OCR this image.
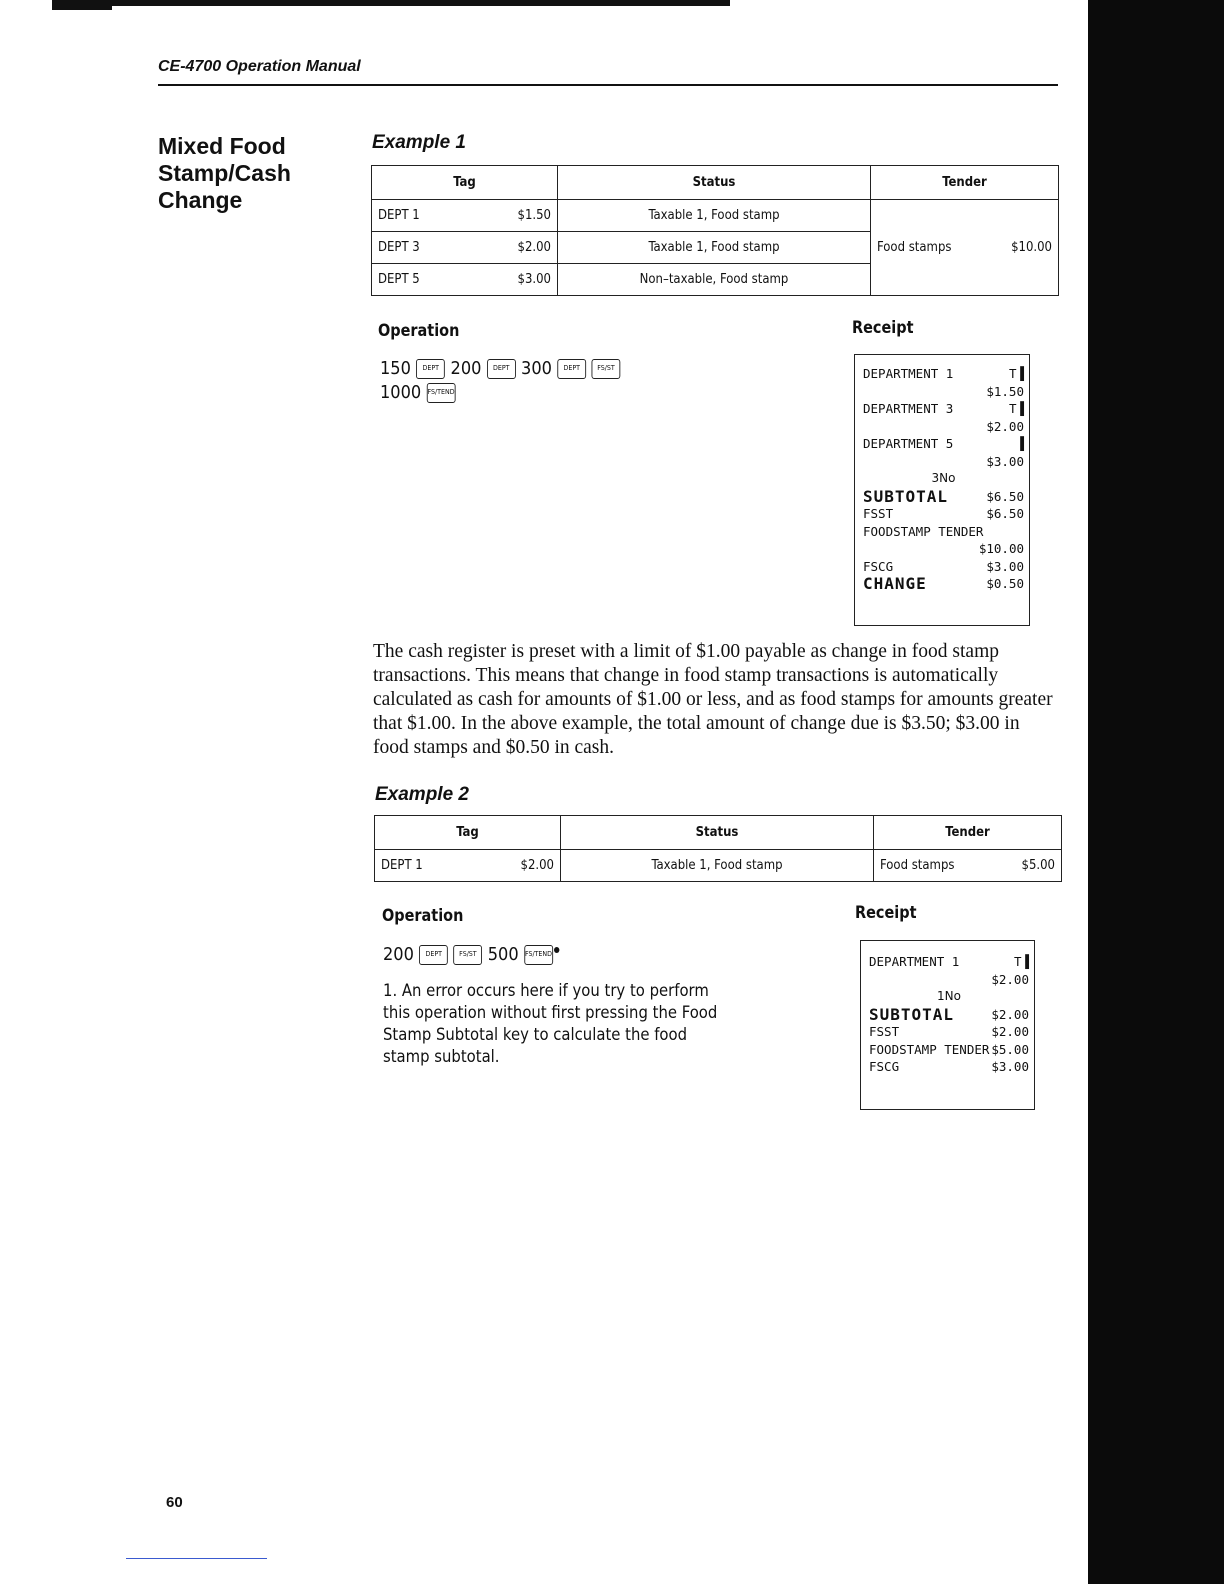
CE-4700 Operation Manual
Mixed Food Stamp/Cash Change
Example 1
Tag	Status	Tender

DEPT 1 $1.50	Taxable 1, Food stamp	Food stamps $10.00

DEPT 3 $2.00	Taxable 1, Food stamp	

DEPT 5 $3.00	Non–taxable, Food stamp	
Operation	Receipt
150	DEPT 200	DEPT 300	DEPT	FS/ST
1000 FS/TEND
DEPARTMENT 1	T▐
$1.50
DEPARTMENT 3	T▐
$2.00
DEPARTMENT 5	▐
$3.00
3No
SUBTOTAL	$6.50
FSST	$6.50
FOODSTAMP TENDER
$10.00
FSCG	$3.00
CHANGE	$0.50
The cash register is preset with a limit of $1.00 payable as change in food stamp transactions. This means that change in food stamp transactions is automatically calculated as cash for amounts of $1.00 or less, and as food stamps for amounts greater that $1.00. In the above example, the total amount of change due is $3.50; $3.00 in food stamps and $0.50 in cash.
Example 2
Tag	Status	Tender

DEPT 1 $2.00	Taxable 1, Food stamp	Food stamps $5.00
Operation	Receipt
200	DEPT	FS/ST 500 FS/TEND
1. An error occurs here if you try to perform this operation without first pressing the Food Stamp Subtotal key to calculate the food stamp subtotal.
DEPARTMENT 1	T▐
$2.00
1No
SUBTOTAL	$2.00
FSST	$2.00
FOODSTAMP TENDER $5.00
FSCG	$3.00
60
